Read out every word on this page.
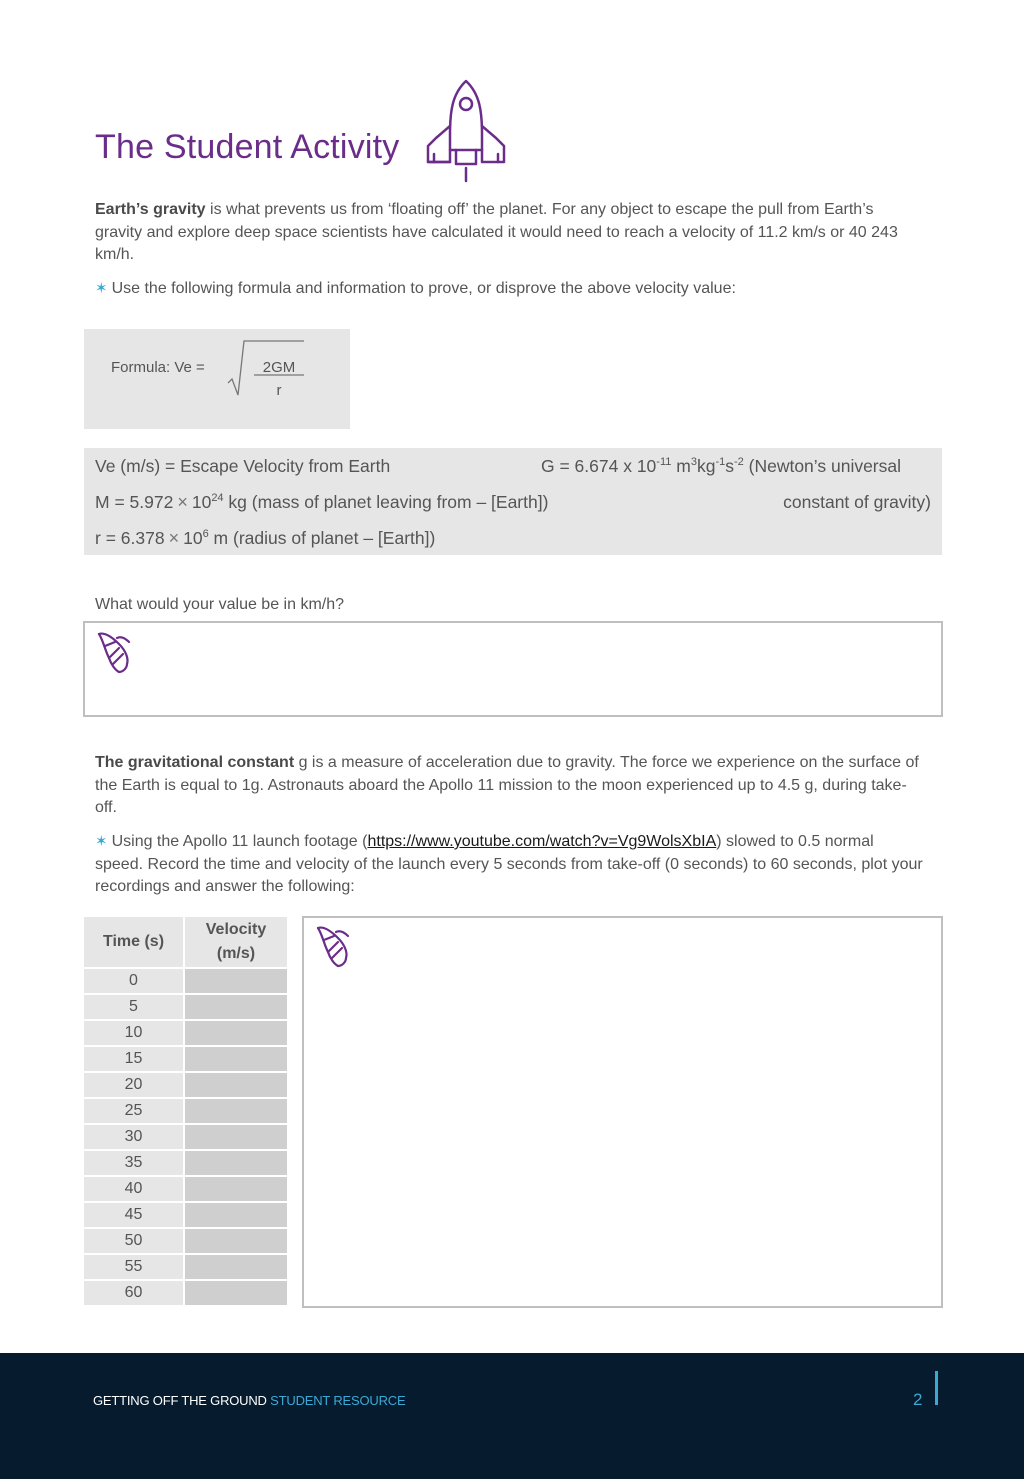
The Student Activity

Earth’s gravity is what prevents us from ‘floating off’ the planet. For any object to escape the pull from Earth’s gravity and explore deep space scientists have calculated it would need to reach a velocity of 11.2 km/s or 40 243 km/h.

✶ Use the following formula and information to prove, or disprove the above velocity value:

Formula: Ve =	2GM
r
Ve (m/s) = Escape Velocity from Earth	G = 6.674 x $10^{-11}$ $m^3kg^{-1}s^{-2}$ (Newton’s universal
$M = 5.972 \times 10^{24}$ kg (mass of planet leaving from – [Earth])	constant of gravity)
$r = 6.378 \times 10^6$ m (radius of planet – [Earth])

What would your value be in km/h?

The gravitational constant g is a measure of acceleration due to gravity. The force we experience on the surface of the Earth is equal to 1g. Astronauts aboard the Apollo 11 mission to the moon experienced up to 4.5 g, during take-off.

✶ Using the Apollo 11 launch footage (https://www.youtube.com/watch?v=Vg9WolsXbIA) slowed to 0.5 normal speed. Record the time and velocity of the launch every 5 seconds from take-off (0 seconds) to 60 seconds, plot your recordings and answer the following:

Time (s)	Velocity
(m/s)
0	
5	
10	
15	
20	
25	
30	
35	
40	
45	
50	
55	
60	
GETTING OFF THE GROUND STUDENT RESOURCE	2
